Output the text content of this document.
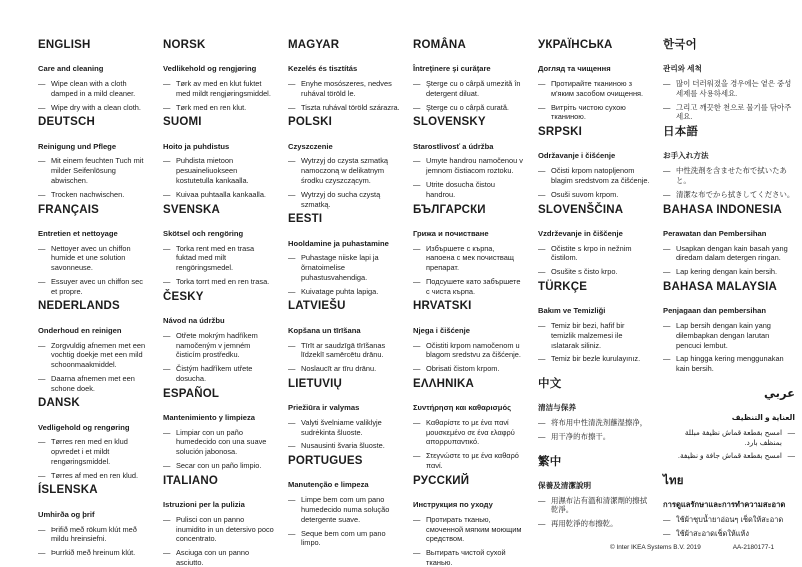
ENGLISH
Care and cleaning
— Wipe clean with a cloth damped in a mild cleaner.
— Wipe dry with a clean cloth.
DEUTSCH
Reinigung und Pflege
— Mit einem feuchten Tuch mit milder Seifenlösung abwischen.
— Trocken nachwischen.
FRANÇAIS
Entretien et nettoyage
— Nettoyer avec un chiffon humide et une solution savonneuse.
— Essuyer avec un chiffon sec et propre.
NEDERLANDS
Onderhoud en reinigen
— Zorgvuldig afnemen met een vochtig doekje met een mild schoonmaakmiddel.
— Daarna afnemen met een schone doek.
DANSK
Vedligehold og rengøring
— Tørres ren med en klud opvredet i et mildt rengøringsmiddel.
— Tørres af med en ren klud.
ÍSLENSKA
Umhirða og þrif
— Þrifið með rökum klút með mildu hreinsiefni.
— Þurrkið með hreinum klút.
NORSK
Vedlikehold og rengjøring
— Tørk av med en klut fuktet med mildt rengjøringsmiddel.
— Tørk med en ren klut.
SUOMI
Hoito ja puhdistus
— Puhdista mietoon pesuaineliuokseen kostutetulla kankaalla.
— Kuivaa puhtaalla kankaalla.
SVENSKA
Skötsel och rengöring
— Torka rent med en trasa fuktad med milt rengöringsmedel.
— Torka torrt med en ren trasa.
ČESKY
Návod na údržbu
— Otřete mokrým hadříkem namočeným v jemném čisticím prostředku.
— Čistým hadříkem utřete dosucha.
ESPAÑOL
Mantenimiento y limpieza
— Limpiar con un paño humedecido con una suave solución jabonosa.
— Secar con un paño limpio.
ITALIANO
Istruzioni per la pulizia
— Pulisci con un panno inumidito in un detersivo poco concentrato.
— Asciuga con un panno asciutto.
MAGYAR
Kezelés és tisztítás
— Enyhe mosószeres, nedves ruhával töröld le.
— Tiszta ruhával töröld szárazra.
POLSKI
Czyszczenie
— Wytrzyj do czysta szmatką namoczoną w delikatnym środku czyszczącym.
— Wytrzyj do sucha czystą szmatką.
EESTI
Hooldamine ja puhastamine
— Puhastage niiske lapi ja õrnatoimelise puhastusvahendiga.
— Kuivatage puhta lapiga.
LATVIEŠU
Kopšana un tīrīšana
— Tīrīt ar saudzīgā tīrīšanas līdzeklī samērcētu drānu.
— Noslaucīt ar tīru drānu.
LIETUVIŲ
Priežiūra ir valymas
— Valyti švelniame valiklyje sudrėkinta šluoste.
— Nusausinti švaria šluoste.
PORTUGUES
Manutenção e limpeza
— Limpe bem com um pano humedecido numa solução detergente suave.
— Seque bem com um pano limpo.
ROMÂNA
Întreţinere şi curăţare
— Şterge cu o cârpă umezită în detergent diluat.
— Şterge cu o cârpă curată.
SLOVENSKY
Starostlivosť a údržba
— Umyte handrou namočenou v jemnom čistiacom roztoku.
— Utrite dosucha čistou handrou.
БЪЛГАРСКИ
Грижа и почистване
— Избършете с кърпа, напоена с мек почистващ препарат.
— Подсушете като забършете с чиста кърпа.
HRVATSKI
Njega i čišćenje
— Očistiti krpom namočenom u blagom sredstvu za čišćenje.
— Obrisati čistom krpom.
ΕΛΛΗΝΙΚΑ
Συντήρηση και καθαρισμός
— Καθαρίστε το με ένα πανί μουσκεμένο σε ένα ελαφρύ απορρυπαντικό.
— Στεγνώστε το με ένα καθαρό πανί.
РУССКИЙ
Инструкция по уходу
— Протирать тканью, смоченной мягким моющим средством.
— Вытирать чистой сухой тканью.
УКРАЇНСЬКА
Догляд та чищення
— Протирайте тканиною з м'яким засобом очищення.
— Витріть чистою сухою тканиною.
SRPSKI
Održavanje i čišćenje
— Očisti krpom natopljenom blagim sredstvom za čišćenje.
— Osuši suvom krpom.
SLOVENŠČINA
Vzdrževanje in čiščenje
— Očistite s krpo in nežnim čistilom.
— Osušite s čisto krpo.
TÜRKÇE
Bakım ve Temizliği
— Temiz bir bezi, hafif bir temizlik malzemesi ile ıslatarak siliniz.
— Temiz bir bezle kurulayınız.
中文
清洁与保养
— 将布用中性清洗剂蘸湿擦净，
— 用干净的布擦干。
繁中
保養及清潔說明
— 用濕布沾有溫和清潔劑的擦拭乾淨。
— 再用乾淨的布擦乾。
한국어
관리와 세척
— 많이 더러워졌을 경우에는 옅은 중성세제를 사용하세요.
— 그리고 깨끗한 천으로 물기를 닦아주세요.
日本語
お手入れ方法
— 中性洗剤を含ませた布で拭いたあと。
— 清潔な布でから拭きしてください。
BAHASA INDONESIA
Perawatan dan Pembersihan
— Usapkan dengan kain basah yang diredam dalam detergen ringan.
— Lap kering dengan kain bersih.
BAHASA MALAYSIA
Penjagaan dan pembersihan
— Lap bersih dengan kain yang dilembapkan dengan larutan pencuci lembut.
— Lap hingga kering menggunakan kain bersih.
عربي
العناية و التنظيف
—
امسح بقطعة قماش نظيفة مبللة بمنظف بارد.
—
امسح بقطعة قماش جافة و نظيفة.
ไทย
การดูแลรักษาและการทำความสะอาด
— ใช้ผ้าชุบน้ำยาอ่อนๆ เช็ดให้สะอาด
— ใช้ผ้าสะอาดเช็ดให้แห้ง
© Inter IKEA Systems B.V. 2019	AA-2180177-1
